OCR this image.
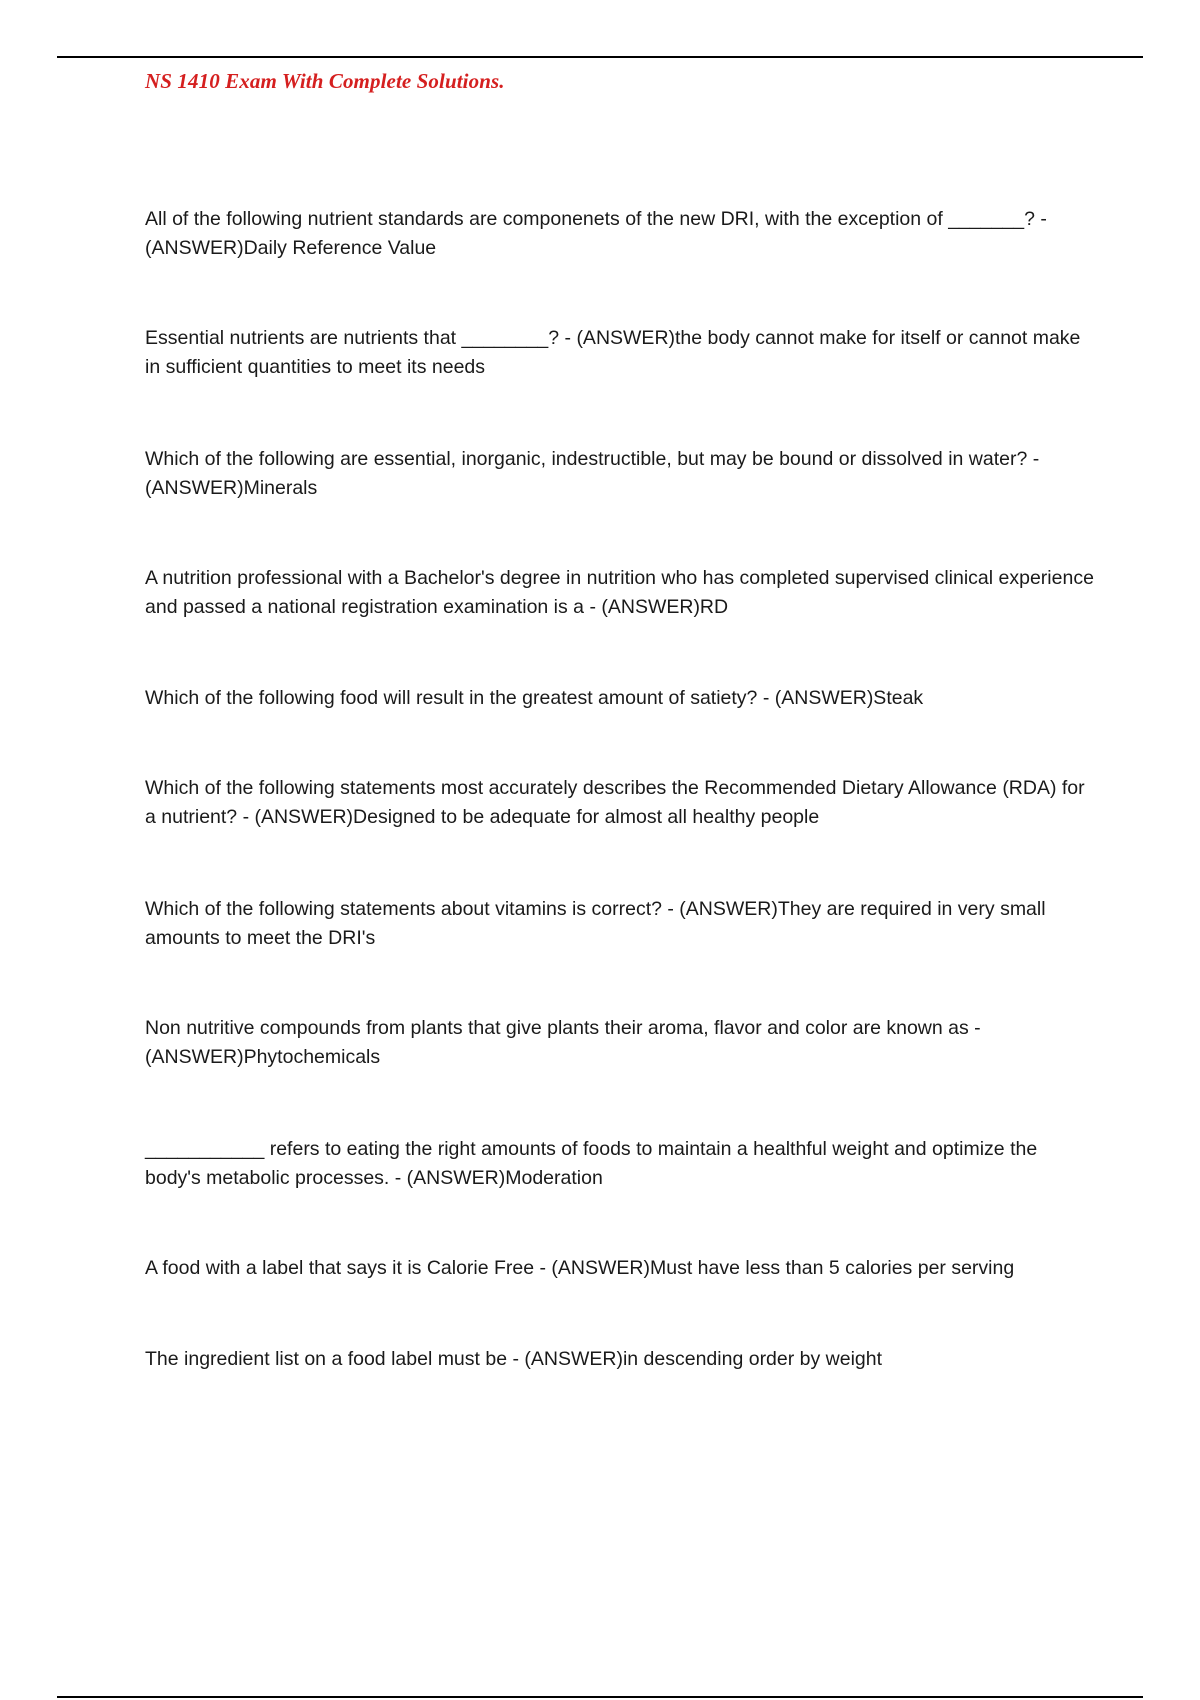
NS 1410 Exam With Complete Solutions.

All of the following nutrient standards are componenets of the new DRI, with the exception of _______? - (ANSWER)Daily Reference Value

Essential nutrients are nutrients that ________? - (ANSWER)the body cannot make for itself or cannot make in sufficient quantities to meet its needs

Which of the following are essential, inorganic, indestructible, but may be bound or dissolved in water? - (ANSWER)Minerals

A nutrition professional with a Bachelor's degree in nutrition who has completed supervised clinical experience and passed a national registration examination is a - (ANSWER)RD

Which of the following food will result in the greatest amount of satiety? - (ANSWER)Steak

Which of the following statements most accurately describes the Recommended Dietary Allowance (RDA) for a nutrient? - (ANSWER)Designed to be adequate for almost all healthy people

Which of the following statements about vitamins is correct? - (ANSWER)They are required in very small amounts to meet the DRI's

Non nutritive compounds from plants that give plants their aroma, flavor and color are known as - (ANSWER)Phytochemicals

___________ refers to eating the right amounts of foods to maintain a healthful weight and optimize the body's metabolic processes. - (ANSWER)Moderation

A food with a label that says it is Calorie Free - (ANSWER)Must have less than 5 calories per serving

The ingredient list on a food label must be - (ANSWER)in descending order by weight
